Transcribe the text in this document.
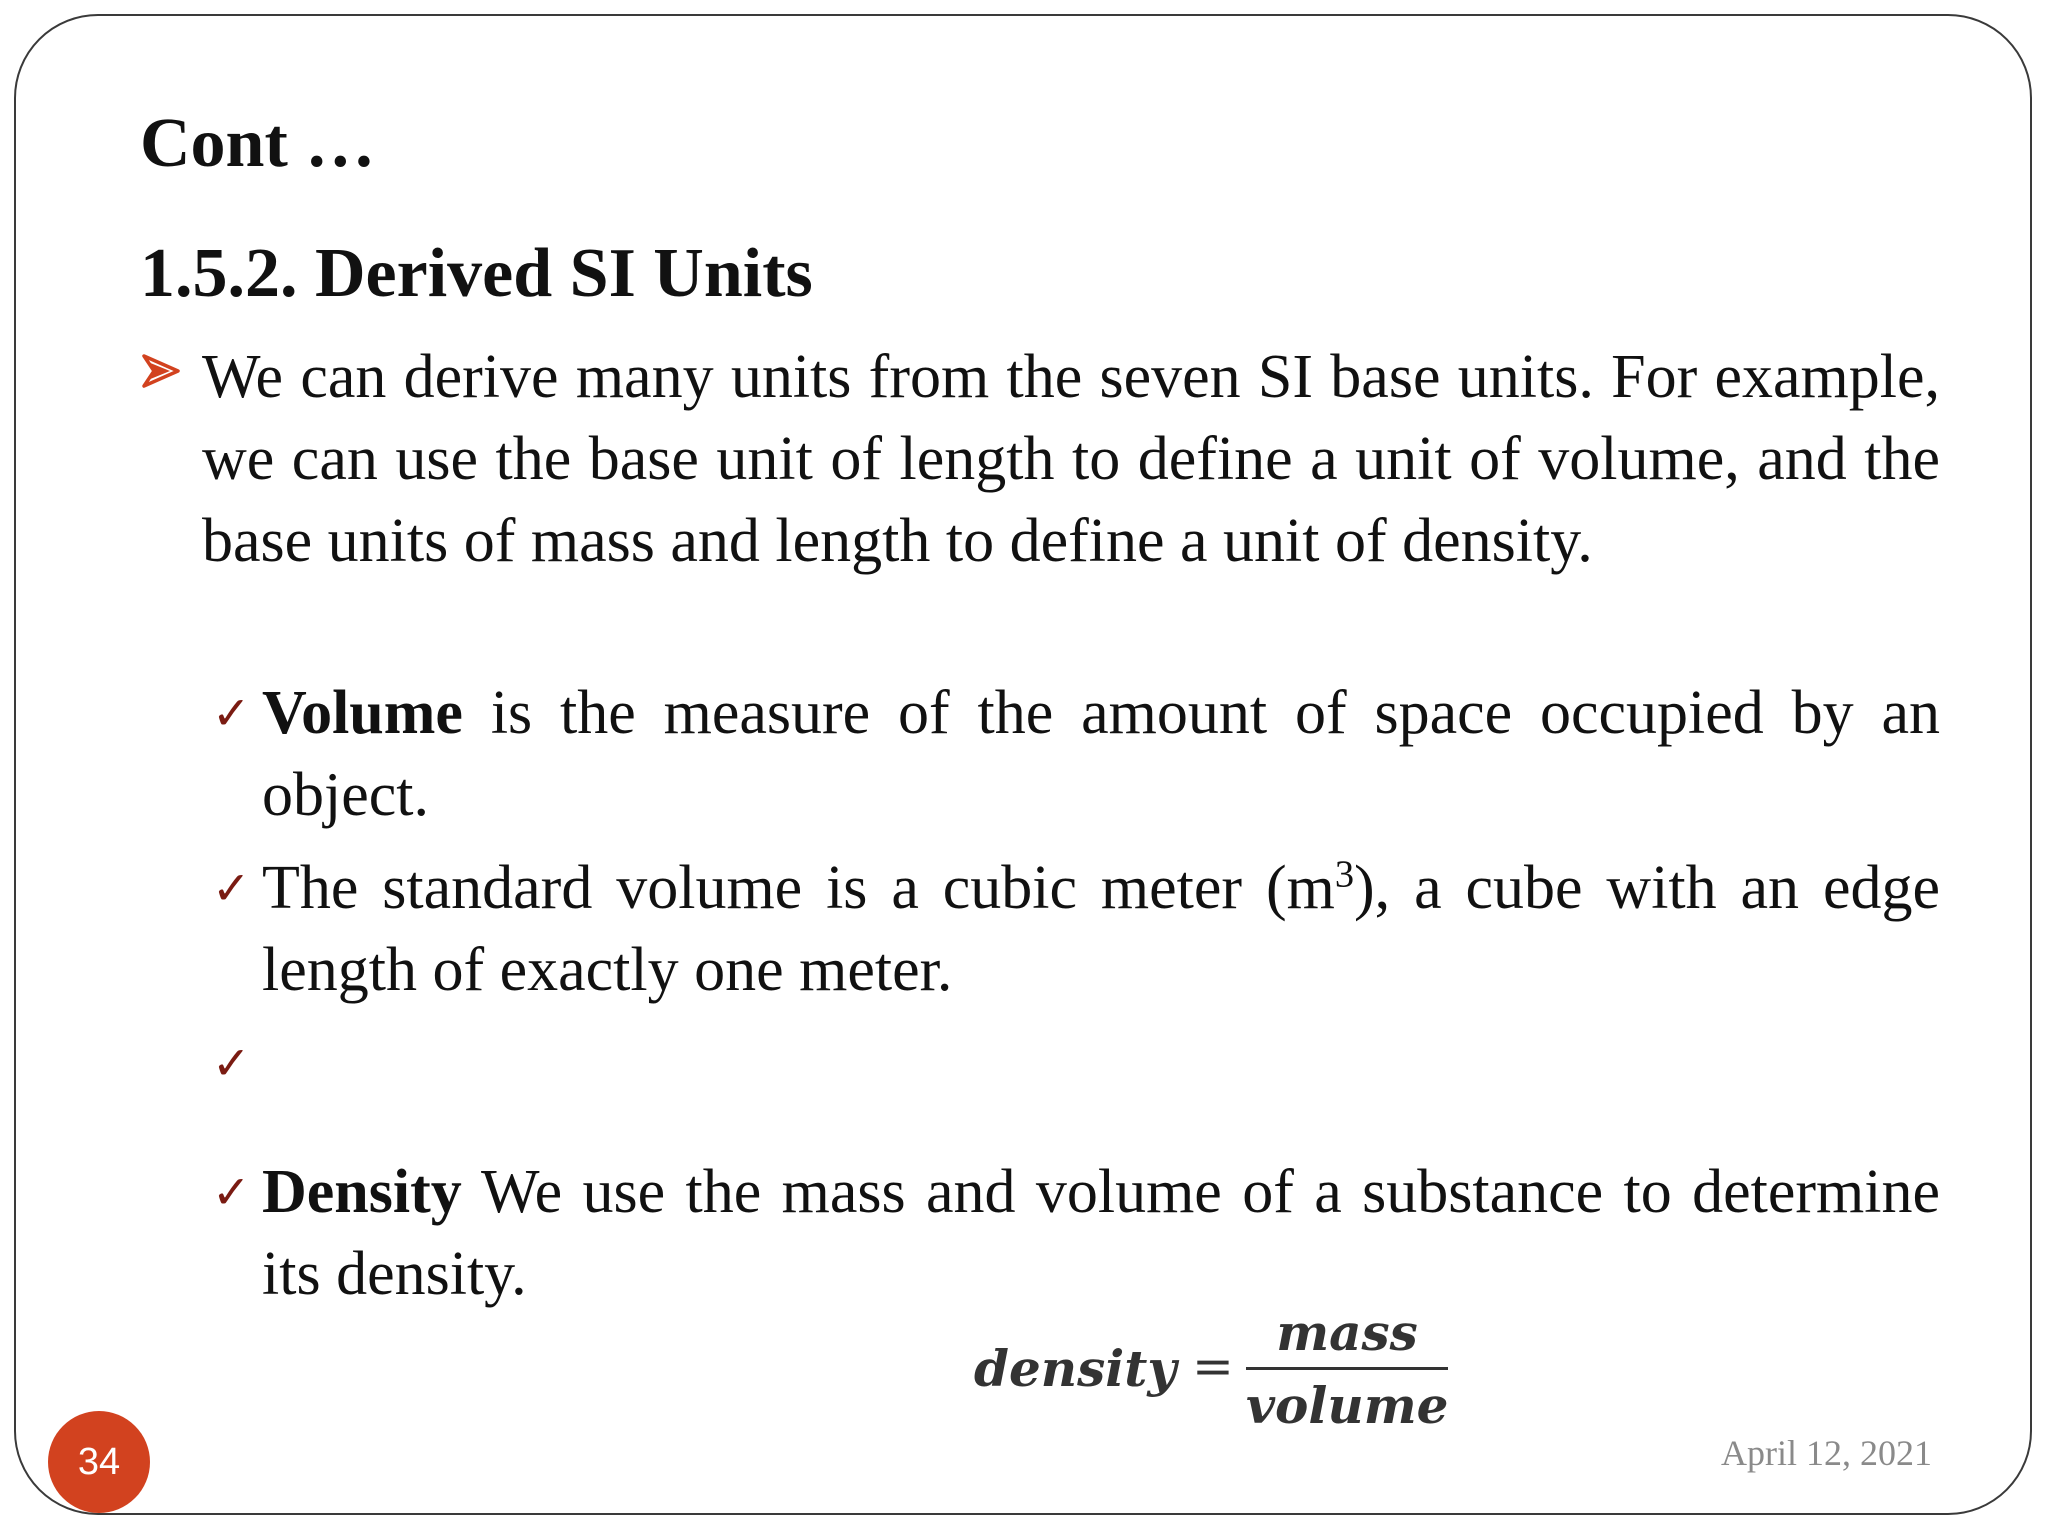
Cont …
1.5.2. Derived SI Units
We can derive many units from the seven SI base units. For example, we can use the base unit of length to define a unit of volume, and the base units of mass and length to define a unit of density.
✓ Volume is the measure of the amount of space occupied by an object.
✓ The standard volume is a cubic meter $(m^3)$, a cube with an edge length of exactly one meter.
✓
✓ Density We use the mass and volume of a substance to determine its density.
density =
mass
volume
34	April 12, 2021
